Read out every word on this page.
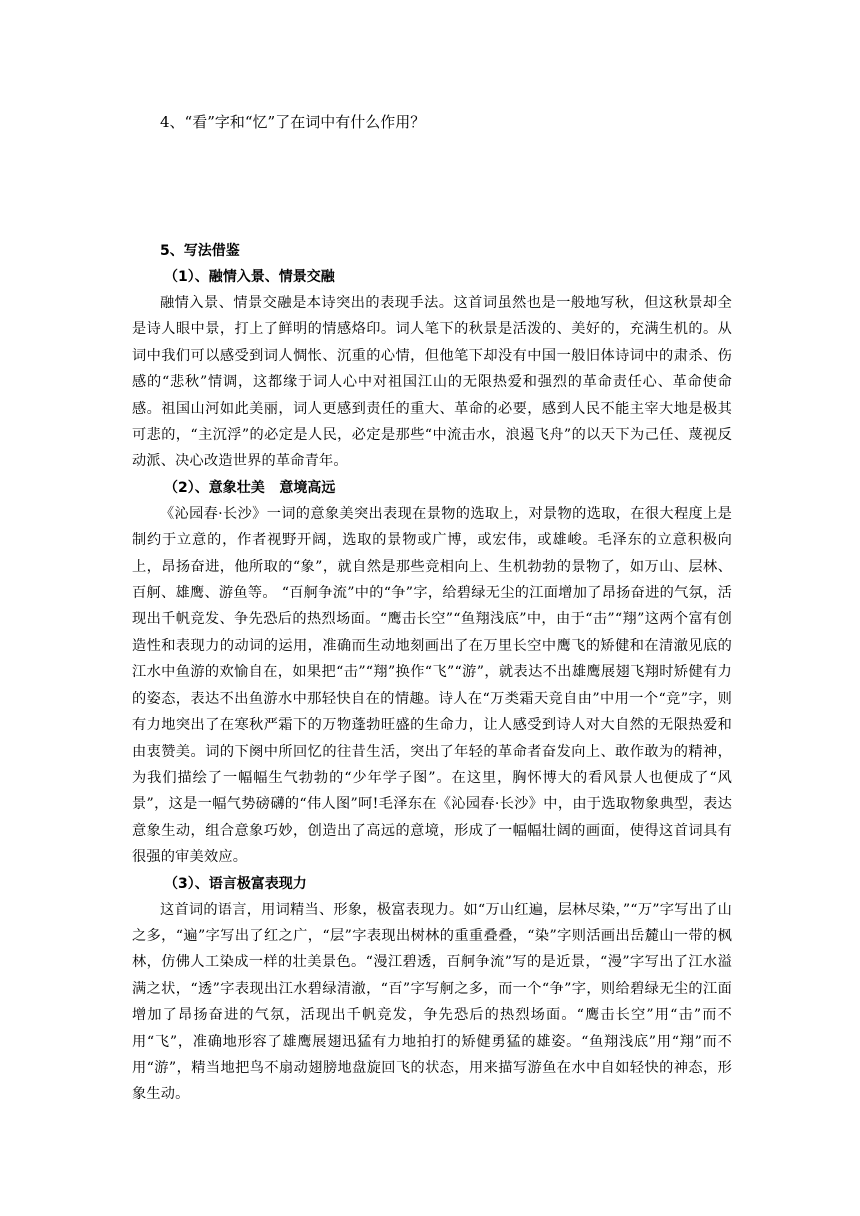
4、“看”字和“忆”了在词中有什么作用？
5、写法借鉴
（1）、融情入景、情景交融

融情入景、情景交融是本诗突出的表现手法。这首词虽然也是一般地写秋，但这秋景却全是诗人眼中景，打上了鲜明的情感烙印。词人笔下的秋景是活泼的、美好的，充满生机的。从词中我们可以感受到词人惆怅、沉重的心情，但他笔下却没有中国一般旧体诗词中的肃杀、伤感的“悲秋”情调，这都缘于词人心中对祖国江山的无限热爱和强烈的革命责任心、革命使命感。祖国山河如此美丽，词人更感到责任的重大、革命的必要，感到人民不能主宰大地是极其可悲的，“主沉浮”的必定是人民，必定是那些“中流击水，浪遏飞舟”的以天下为己任、蔑视反动派、决心改造世界的革命青年。

（2）、意象壮美   意境高远

《沁园春·长沙》一词的意象美突出表现在景物的选取上，对景物的选取，在很大程度上是制约于立意的，作者视野开阔，选取的景物或广博，或宏伟，或雄峻。毛泽东的立意积极向上，昂扬奋进，他所取的“象”，就自然是那些竞相向上、生机勃勃的景物了，如万山、层林、百舸、雄鹰、游鱼等。 “百舸争流”中的“争”字，给碧绿无尘的江面增加了昂扬奋进的气氛，活现出千帆竞发、争先恐后的热烈场面。“鹰击长空”“鱼翔浅底”中，由于“击”“翔”这两个富有创造性和表现力的动词的运用，准确而生动地刻画出了在万里长空中鹰飞的矫健和在清澈见底的江水中鱼游的欢愉自在，如果把“击”“翔”换作“飞”“游”，就表达不出雄鹰展翅飞翔时矫健有力的姿态，表达不出鱼游水中那轻快自在的情趣。诗人在“万类霜天竞自由”中用一个“竞”字，则有力地突出了在寒秋严霜下的万物蓬勃旺盛的生命力，让人感受到诗人对大自然的无限热爱和由衷赞美。词的下阕中所回忆的往昔生活，突出了年轻的革命者奋发向上、敢作敢为的精神，为我们描绘了一幅幅生气勃勃的“少年学子图”。在这里，胸怀博大的看风景人也便成了“风景”，这是一幅气势磅礴的“伟人图”呵!毛泽东在《沁园春·长沙》中，由于选取物象典型，表达意象生动，组合意象巧妙，创造出了高远的意境，形成了一幅幅壮阔的画面，使得这首词具有很强的审美效应。

（3）、语言极富表现力

这首词的语言，用词精当、形象，极富表现力。如“万山红遍，层林尽染，”“万”字写出了山之多，“遍”字写出了红之广，“层”字表现出树林的重重叠叠，“染”字则活画出岳麓山一带的枫林，仿佛人工染成一样的壮美景色。“漫江碧透，百舸争流”写的是近景，“漫”字写出了江水溢满之状，“透”字表现出江水碧绿清澈，“百”字写舸之多，而一个“争”字，则给碧绿无尘的江面增加了昂扬奋进的气氛，活现出千帆竞发，争先恐后的热烈场面。“鹰击长空”用“击”而不用“飞”，准确地形容了雄鹰展翅迅猛有力地拍打的矫健勇猛的雄姿。“鱼翔浅底”用“翔”而不用“游”，精当地把鸟不扇动翅膀地盘旋回飞的状态，用来描写游鱼在水中自如轻快的神态，形象生动。
